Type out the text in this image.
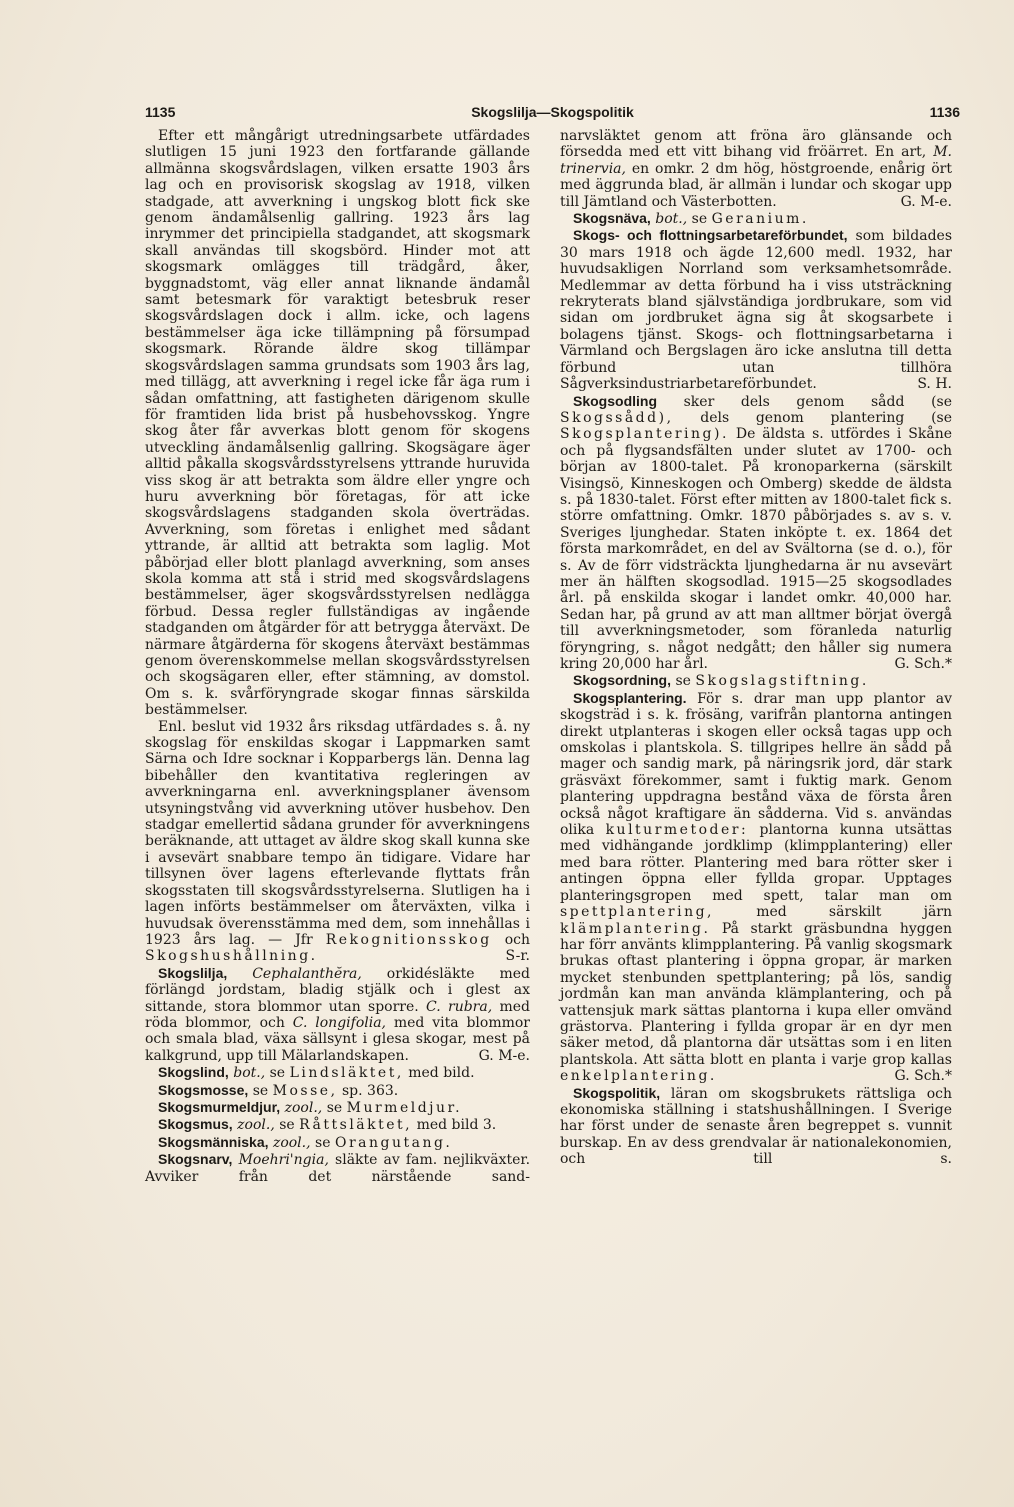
1135	Skogslilja—Skogspolitik	1136

Efter ett mångårigt utredningsarbete utfärdades slutligen 15 juni 1923 den fortfarande gällande allmänna skogsvårdslagen, vilken ersatte 1903 års lag och en provisorisk skogslag av 1918, vilken stadgade, att avverkning i ungskog blott fick ske genom ändamålsenlig gallring. 1923 års lag inrymmer det principiella stadgandet, att skogsmark skall användas till skogsbörd. Hinder mot att skogsmark omlägges till trädgård, åker, byggnadstomt, väg eller annat liknande ändamål samt betesmark för varaktigt betesbruk reser skogsvårdslagen dock i allm. icke, och lagens bestämmelser äga icke tillämpning på försumpad skogsmark. Rörande äldre skog tillämpar skogsvårdslagen samma grundsats som 1903 års lag, med tillägg, att avverkning i regel icke får äga rum i sådan omfattning, att fastigheten därigenom skulle för framtiden lida brist på husbehovsskog. Yngre skog åter får avverkas blott genom för skogens utveckling ändamålsenlig gallring. Skogsägare äger alltid påkalla skogsvårdsstyrelsens yttrande huruvida viss skog är att betrakta som äldre eller yngre och huru avverkning bör företagas, för att icke skogsvårdslagens stadganden skola överträdas. Avverkning, som företas i enlighet med sådant yttrande, är alltid att betrakta som laglig. Mot påbörjad eller blott planlagd avverkning, som anses skola komma att stå i strid med skogsvårdslagens bestämmelser, äger skogsvårdsstyrelsen nedlägga förbud. Dessa regler fullständigas av ingående stadganden om åtgärder för att betrygga återväxt. De närmare åtgärderna för skogens återväxt bestämmas genom överenskommelse mellan skogsvårdsstyrelsen och skogsägaren eller, efter stämning, av domstol. Om s. k. svårföryngrade skogar finnas särskilda bestämmelser.

Enl. beslut vid 1932 års riksdag utfärdades s. å. ny skogslag för enskildas skogar i Lappmarken samt Särna och Idre socknar i Kopparbergs län. Denna lag bibehåller den kvantitativa regleringen av avverkningarna enl. avverkningsplaner ävensom utsyningstvång vid avverkning utöver husbehov. Den stadgar emellertid sådana grunder för avverkningens beräknande, att uttaget av äldre skog skall kunna ske i avsevärt snabbare tempo än tidigare. Vidare har tillsynen över lagens efterlevande flyttats från skogsstaten till skogsvårdsstyrelserna. Slutligen ha i lagen införts bestämmelser om återväxten, vilka i huvudsak överensstämma med dem, som innehållas i 1923 års lag. — Jfr Rekognitionsskog och Skogshushållning.	S-r.

Skogslilja, Cephalanthĕra, orkidésläkte med förlängd jordstam, bladig stjälk och i glest ax sittande, stora blommor utan sporre. C. rubra, med röda blommor, och C. longifolia, med vita blommor och smala blad, växa sällsynt i glesa skogar, mest på kalkgrund, upp till Mälarlandskapen.	G. M-e.

Skogslind, bot., se Lindsläktet, med bild.

Skogsmosse, se Mosse, sp. 363.

Skogsmurmeldjur, zool., se Murmeldjur.

Skogsmus, zool., se Råttsläktet, med bild 3.

Skogsmänniska, zool., se Orangutang.

Skogsnarv, Moehri'ngia, släkte av fam. nejlikväxter. Avviker från det närstående sand-

narvsläktet genom att fröna äro glänsande och försedda med ett vitt bihang vid fröärret. En art, M. trinervia, en omkr. 2 dm hög, höstgroende, enårig ört med äggrunda blad, är allmän i lundar och skogar upp till Jämtland och Västerbotten.	G. M-e.

Skogsnäva, bot., se Geranium.

Skogs- och flottningsarbetareförbundet, som bildades 30 mars 1918 och ägde 12,600 medl. 1932, har huvudsakligen Norrland som verksamhetsområde. Medlemmar av detta förbund ha i viss utsträckning rekryterats bland självständiga jordbrukare, som vid sidan om jordbruket ägna sig åt skogsarbete i bolagens tjänst. Skogs- och flottningsarbetarna i Värmland och Bergslagen äro icke anslutna till detta förbund utan tillhöra Sågverksindustriarbetareförbundet.	S. H.

Skogsodling sker dels genom sådd (se Skogssådd), dels genom plantering (se Skogsplantering). De äldsta s. utfördes i Skåne och på flygsandsfälten under slutet av 1700- och början av 1800-talet. På kronoparkerna (särskilt Visingsö, Kinneskogen och Omberg) skedde de äldsta s. på 1830-talet. Först efter mitten av 1800-talet fick s. större omfattning. Omkr. 1870 påbörjades s. av s. v. Sveriges ljunghedar. Staten inköpte t. ex. 1864 det första markområdet, en del av Svältorna (se d. o.), för s. Av de förr vidsträckta ljunghedarna är nu avsevärt mer än hälften skogsodlad. 1915—25 skogsodlades årl. på enskilda skogar i landet omkr. 40,000 har. Sedan har, på grund av att man alltmer börjat övergå till avverkningsmetoder, som föranleda naturlig föryngring, s. något nedgått; den håller sig numera kring 20,000 har årl.	G. Sch.*

Skogsordning, se Skogslagstiftning.

Skogsplantering. För s. drar man upp plantor av skogsträd i s. k. frösäng, varifrån plantorna antingen direkt utplanteras i skogen eller också tagas upp och omskolas i plantskola. S. tillgripes hellre än sådd på mager och sandig mark, på näringsrik jord, där stark gräsväxt förekommer, samt i fuktig mark. Genom plantering uppdragna bestånd växa de första åren också något kraftigare än sådderna. Vid s. användas olika kulturmetoder: plantorna kunna utsättas med vidhängande jordklimp (klimpplantering) eller med bara rötter. Plantering med bara rötter sker i antingen öppna eller fyllda gropar. Upptages planteringsgropen med spett, talar man om spettplantering,	med särskilt järn klämplantering. På starkt gräsbundna hyggen har förr använts klimpplantering. På vanlig skogsmark brukas oftast plantering i öppna gropar, är marken mycket stenbunden spettplantering; på lös, sandig jordmån kan man använda klämplantering, och på vattensjuk mark sättas plantorna i kupa eller omvänd grästorva. Plantering i fyllda gropar är en dyr men säker metod, då plantorna där utsättas som i en liten plantskola. Att sätta blott en planta i varje grop kallas enkelplantering.	G. Sch.*

Skogspolitik, läran om skogsbrukets rättsliga och ekonomiska ställning i statshushållningen. I Sverige har först under de senaste åren begreppet s. vunnit burskap. En av dess grendvalar är nationalekonomien, och till s.
